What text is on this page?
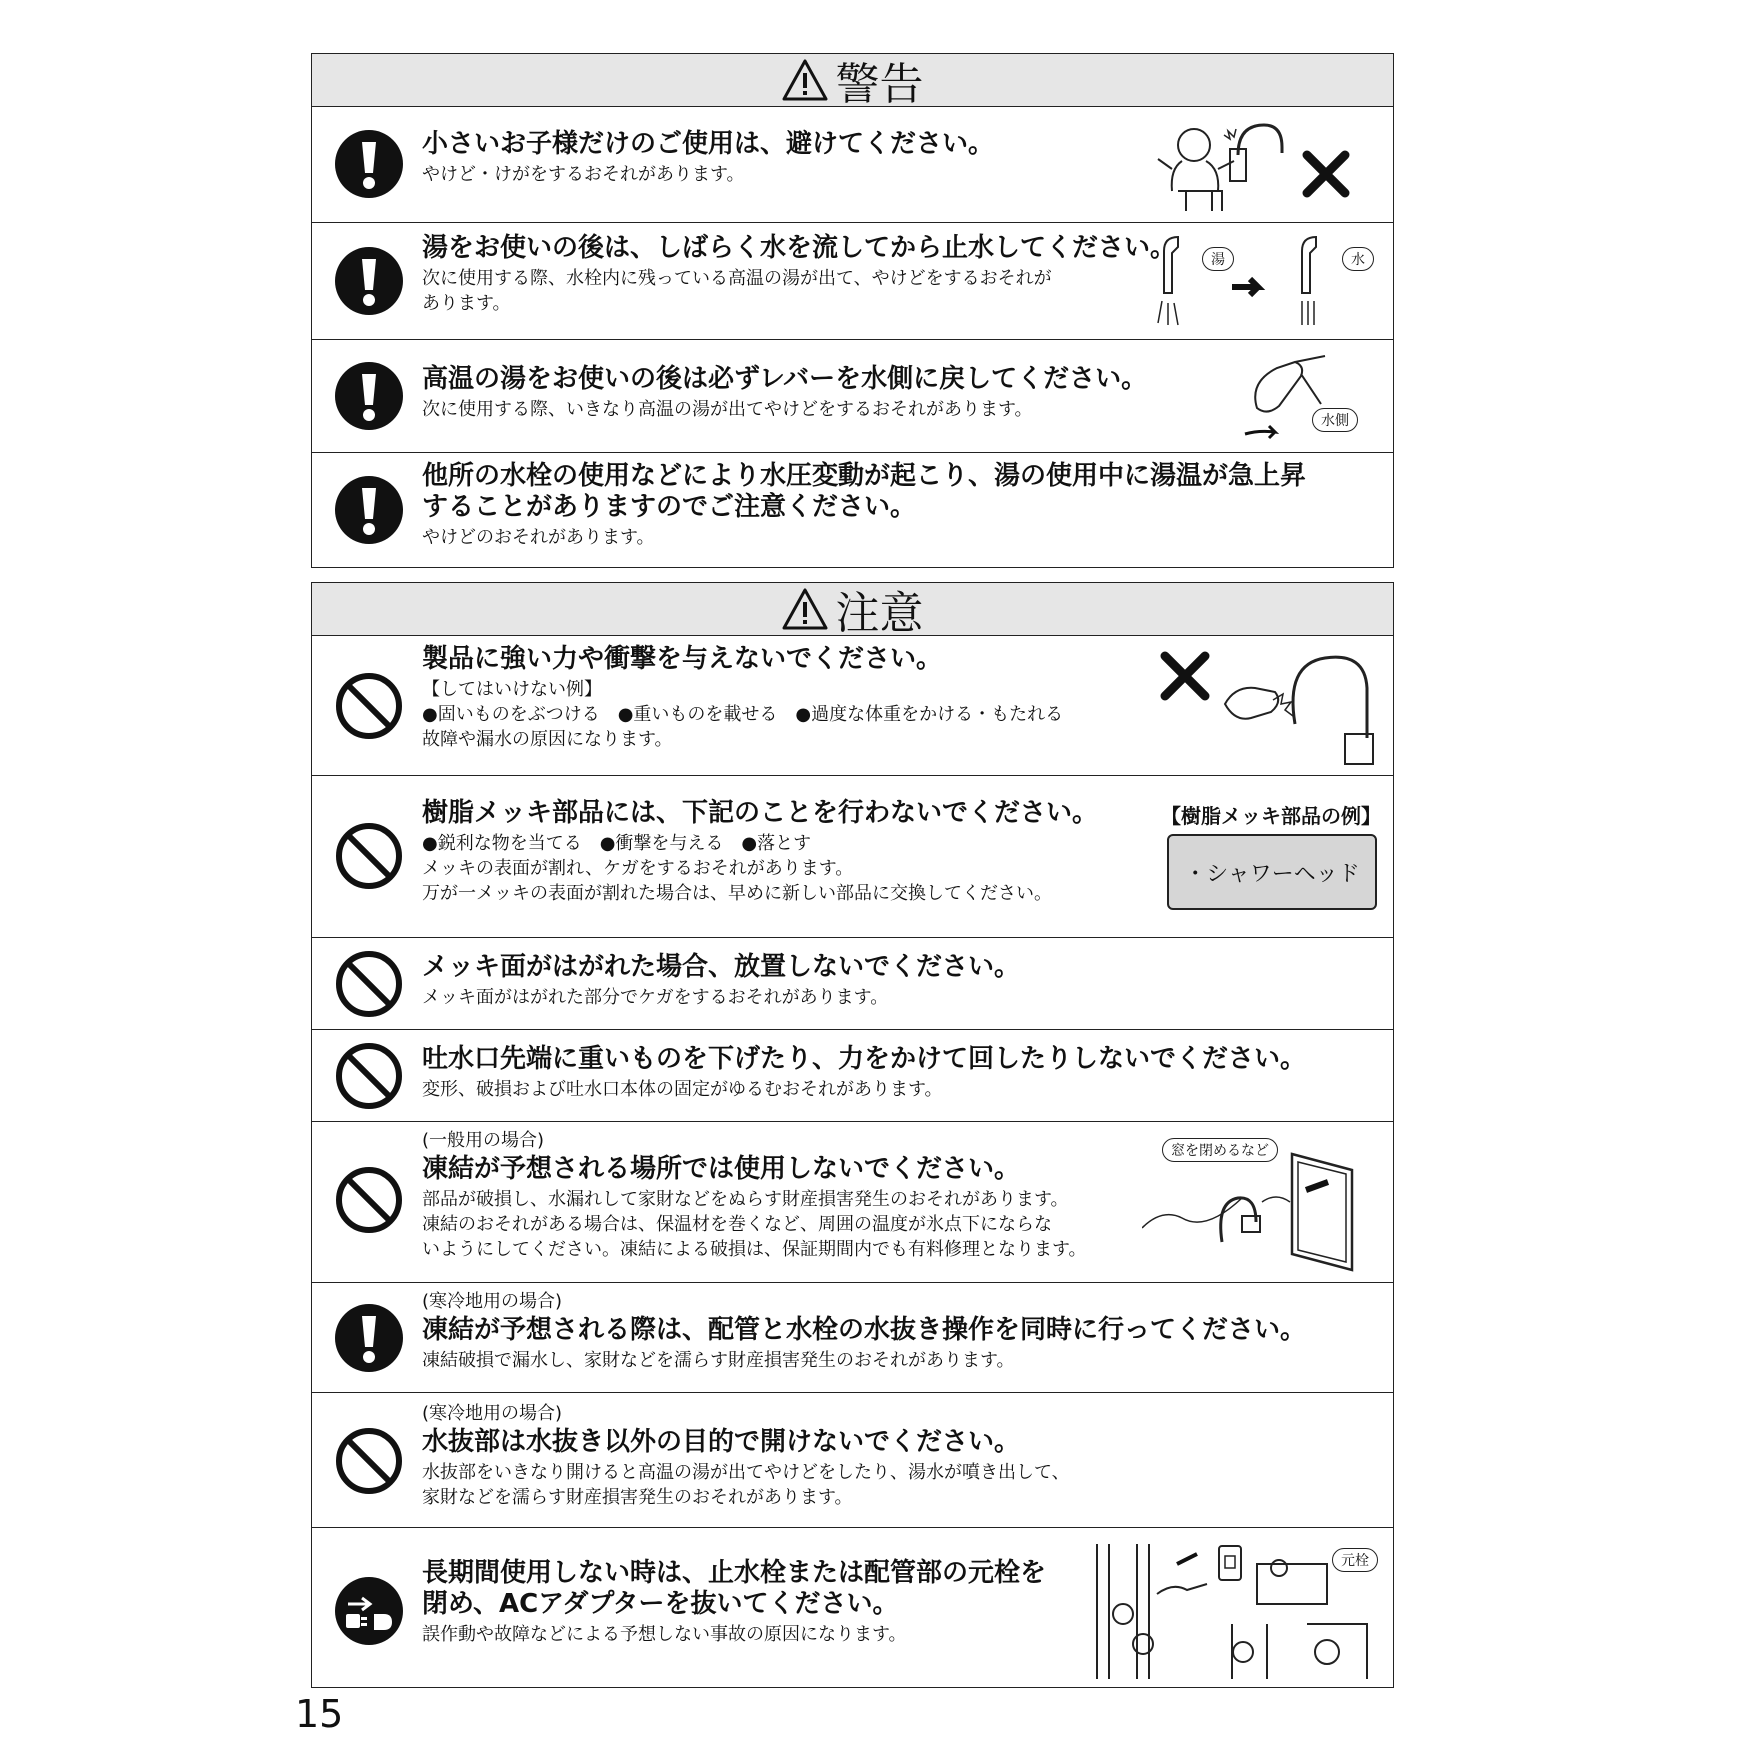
警告

小さいお子様だけのご使用は、避けてください。

やけど・けがをするおそれがあります。

湯をお使いの後は、しばらく水を流してから止水してください。

次に使用する際、水栓内に残っている高温の湯が出て、やけどをするおそれが

あります。

湯	水

高温の湯をお使いの後は必ずレバーを水側に戻してください。

次に使用する際、いきなり高温の湯が出てやけどをするおそれがあります。

水側

他所の水栓の使用などにより水圧変動が起こり、湯の使用中に湯温が急上昇

することがありますのでご注意ください。

やけどのおそれがあります。

注意

製品に強い力や衝撃を与えないでください。

【してはいけない例】

●固いものをぶつける　●重いものを載せる　●過度な体重をかける・もたれる

故障や漏水の原因になります。

樹脂メッキ部品には、下記のことを行わないでください。

●鋭利な物を当てる　●衝撃を与える　●落とす

メッキの表面が割れ、ケガをするおそれがあります。

万が一メッキの表面が割れた場合は、早めに新しい部品に交換してください。

【樹脂メッキ部品の例】
・シャワーヘッド

メッキ面がはがれた場合、放置しないでください。

メッキ面がはがれた部分でケガをするおそれがあります。

吐水口先端に重いものを下げたり、力をかけて回したりしないでください。

変形、破損および吐水口本体の固定がゆるむおそれがあります。

(一般用の場合)

凍結が予想される場所では使用しないでください。

部品が破損し、水漏れして家財などをぬらす財産損害発生のおそれがあります。

凍結のおそれがある場合は、保温材を巻くなど、周囲の温度が氷点下にならな

いようにしてください。凍結による破損は、保証期間内でも有料修理となります。

窓を閉めるなど

(寒冷地用の場合)

凍結が予想される際は、配管と水栓の水抜き操作を同時に行ってください。

凍結破損で漏水し、家財などを濡らす財産損害発生のおそれがあります。

(寒冷地用の場合)

水抜部は水抜き以外の目的で開けないでください。

水抜部をいきなり開けると高温の湯が出てやけどをしたり、湯水が噴き出して、

家財などを濡らす財産損害発生のおそれがあります。

長期間使用しない時は、止水栓または配管部の元栓を

閉め、ACアダプターを抜いてください。

誤作動や故障などによる予想しない事故の原因になります。

元栓
15
